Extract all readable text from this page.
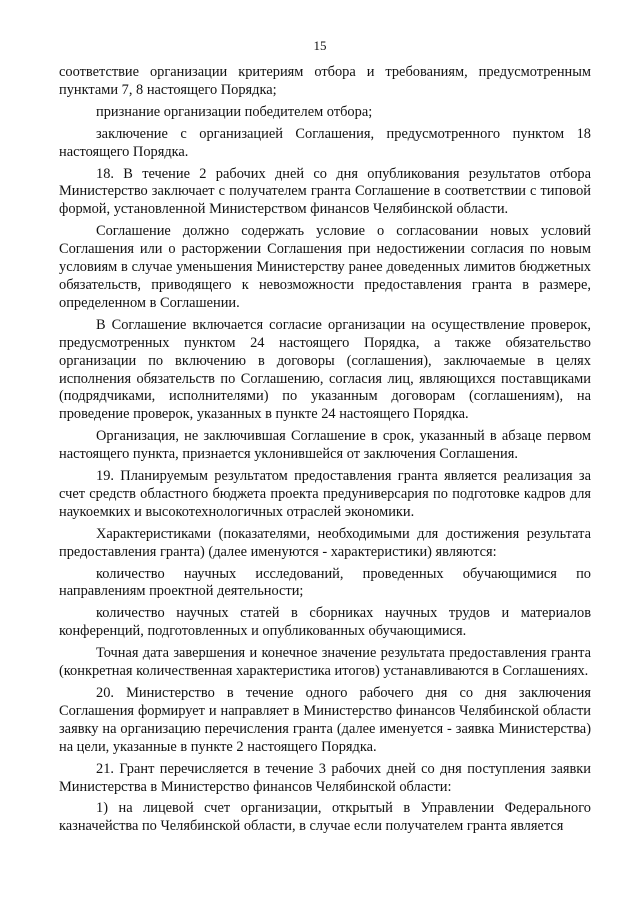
15

соответствие организации критериям отбора и требованиям, предусмотренным пунктами 7, 8 настоящего Порядка;

признание организации победителем отбора;

заключение с организацией Соглашения, предусмотренного пунктом 18 настоящего Порядка.

18. В течение 2 рабочих дней со дня опубликования результатов отбора Министерство заключает с получателем гранта Соглашение в соответствии с типовой формой, установленной Министерством финансов Челябинской области.

Соглашение должно содержать условие о согласовании новых условий Соглашения или о расторжении Соглашения при недостижении согласия по новым условиям в случае уменьшения Министерству ранее доведенных лимитов бюджетных обязательств, приводящего к невозможности предоставления гранта в размере, определенном в Соглашении.

В Соглашение включается согласие организации на осуществление проверок, предусмотренных пунктом 24 настоящего Порядка, а также обязательство организации по включению в договоры (соглашения), заключаемые в целях исполнения обязательств по Соглашению, согласия лиц, являющихся поставщиками (подрядчиками, исполнителями) по указанным договорам (соглашениям), на проведение проверок, указанных в пункте 24 настоящего Порядка.

Организация, не заключившая Соглашение в срок, указанный в абзаце первом настоящего пункта, признается уклонившейся от заключения Соглашения.

19. Планируемым результатом предоставления гранта является реализация за счет средств областного бюджета проекта предуниверсария по подготовке кадров для наукоемких и высокотехнологичных отраслей экономики.

Характеристиками (показателями, необходимыми для достижения результата предоставления гранта) (далее именуются - характеристики) являются:

количество научных исследований, проведенных обучающимися по направлениям проектной деятельности;

количество научных статей в сборниках научных трудов и материалов конференций, подготовленных и опубликованных обучающимися.

Точная дата завершения и конечное значение результата предоставления гранта (конкретная количественная характеристика итогов) устанавливаются в Соглашениях.

20. Министерство в течение одного рабочего дня со дня заключения Соглашения формирует и направляет в Министерство финансов Челябинской области заявку на организацию перечисления гранта (далее именуется - заявка Министерства) на цели, указанные в пункте 2 настоящего Порядка.

21. Грант перечисляется в течение 3 рабочих дней со дня поступления заявки Министерства в Министерство финансов Челябинской области:

1) на лицевой счет организации, открытый в Управлении Федерального казначейства по Челябинской области, в случае если получателем гранта является
